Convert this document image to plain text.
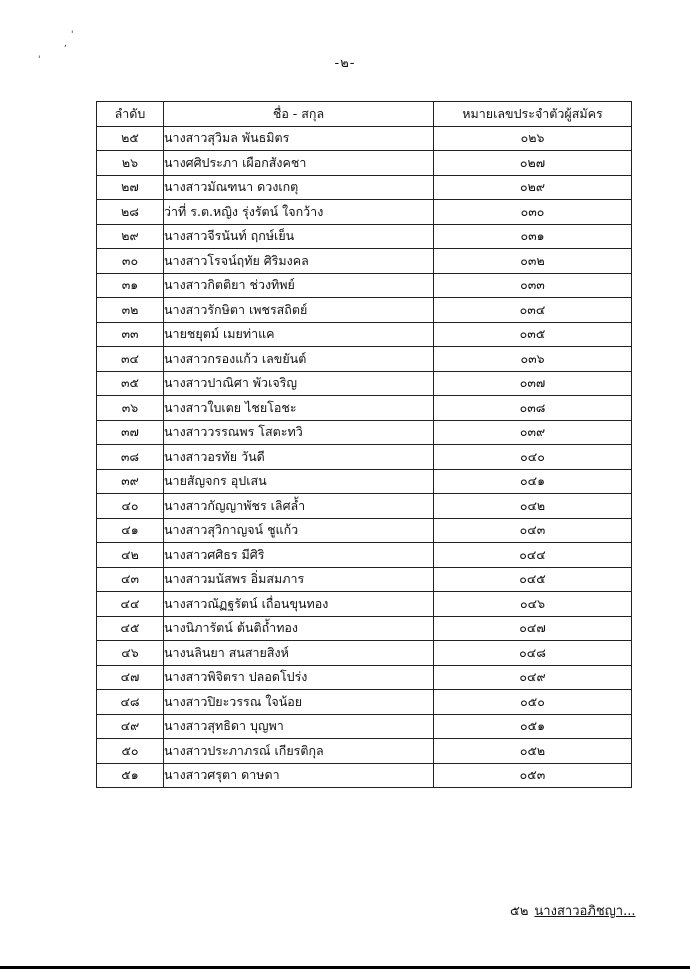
'
,
'	-๒-
ลำดับ	ชื่อ - สกุล	หมายเลขประจำตัวผู้สมัคร
๒๕	นางสาวสุวิมล พันธมิตร	๐๒๖
๒๖	นางศศิประภา เผือกสังคชา	๐๒๗
๒๗	นางสาวมัณฑนา ดวงเกตุ	๐๒๙
๒๘	ว่าที่ ร.ต.หญิง รุ่งรัตน์ ใจกว้าง	๐๓๐
๒๙	นางสาวจีรนันท์ ฤกษ์เย็น	๐๓๑
๓๐	นางสาวโรจน์ฤทัย ศิริมงคล	๐๓๒
๓๑	นางสาวกิตติยา ช่วงทิพย์	๐๓๓
๓๒	นางสาวรักษิตา เพชรสถิตย์	๐๓๔
๓๓	นายชยุตม์ เมยท่าแค	๐๓๕
๓๔	นางสาวกรองแก้ว เลขยันต์	๐๓๖
๓๕	นางสาวปาณิศา พัวเจริญ	๐๓๗
๓๖	นางสาวใบเตย ไชยโอชะ	๐๓๘
๓๗	นางสาววรรณพร โสตะทวิ	๐๓๙
๓๘	นางสาวอรทัย วันดี	๐๔๐
๓๙	นายสัญจกร อุปเสน	๐๔๑
๔๐	นางสาวกัญญาพัชร เลิศล้ำ	๐๔๒
๔๑	นางสาวสุวิกาญจน์ ชูแก้ว	๐๔๓
๔๒	นางสาวศศิธร มีศิริ	๐๔๔
๔๓	นางสาวมนัสพร อิ่มสมภาร	๐๔๕
๔๔	นางสาวณัฏฐรัตน์ เถื่อนขุนทอง	๐๔๖
๔๕	นางนิภารัตน์ ต้นติถ้ำทอง	๐๔๗
๔๖	นางนลินยา สนสายสิงห์	๐๔๘
๔๗	นางสาวพิจิตรา ปลอดโปร่ง	๐๔๙
๔๘	นางสาวปิยะวรรณ ใจน้อย	๐๕๐
๔๙	นางสาวสุทธิดา บุญพา	๐๕๑
๕๐	นางสาวประภาภรณ์ เกียรติกุล	๐๕๒
๕๑	นางสาวศรุตา ดาษดา	๐๕๓
๕๒ นางสาวอภิชญา...
